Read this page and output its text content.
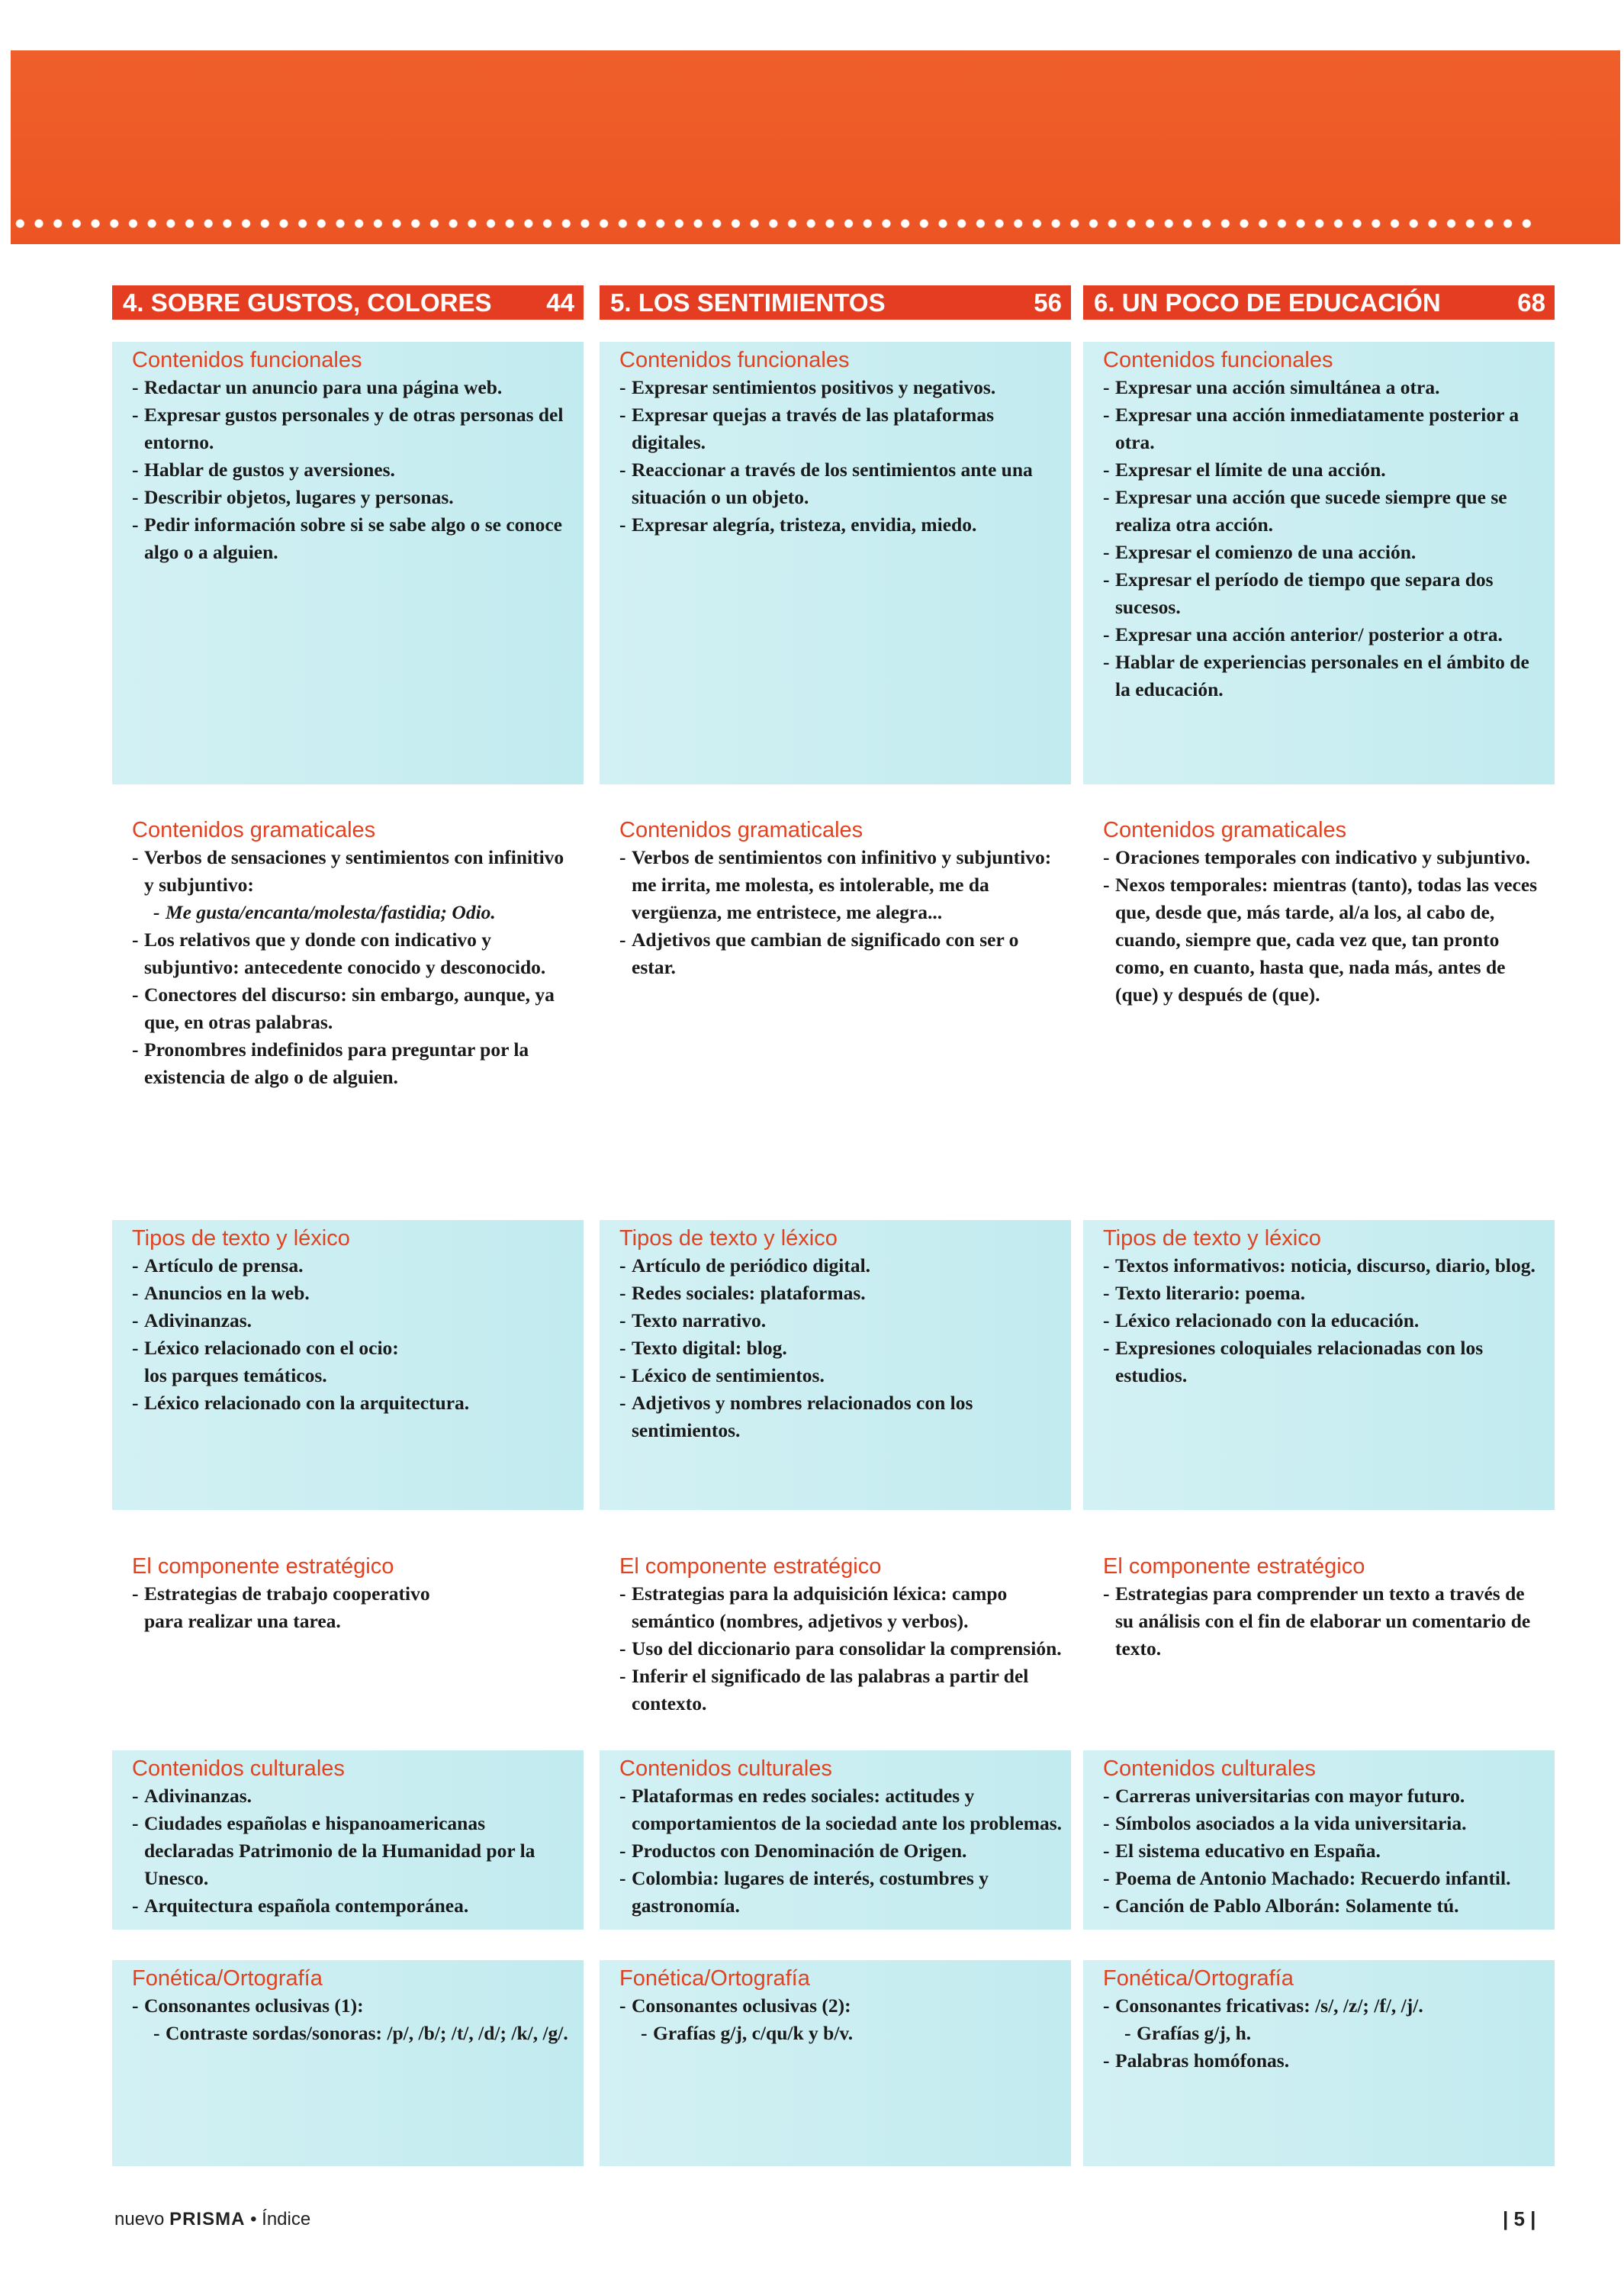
4. SOBRE GUSTOS, COLORES 44
Contenidos funcionales
- Redactar un anuncio para una página web.
- Expresar gustos personales y de otras personas del entorno.
- Hablar de gustos y aversiones.
- Describir objetos, lugares y personas.
- Pedir información sobre si se sabe algo o se conoce algo o a alguien.
Contenidos gramaticales
- Verbos de sensaciones y sentimientos con infinitivo y subjuntivo:
- Me gusta/encanta/molesta/fastidia; Odio.
- Los relativos que y donde con indicativo y subjuntivo: antecedente conocido y desconocido.
- Conectores del discurso: sin embargo, aunque, ya que, en otras palabras.
- Pronombres indefinidos para preguntar por la existencia de algo o de alguien.
Tipos de texto y léxico
- Artículo de prensa.
- Anuncios en la web.
- Adivinanzas.
- Léxico relacionado con el ocio:
los parques temáticos.
- Léxico relacionado con la arquitectura.
El componente estratégico
- Estrategias de trabajo cooperativo
para realizar una tarea.
Contenidos culturales
- Adivinanzas.
- Ciudades españolas e hispanoamericanas declaradas Patrimonio de la Humanidad por la Unesco.
- Arquitectura española contemporánea.
Fonética/Ortografía
- Consonantes oclusivas (1):
- Contraste sordas/sonoras: /p/, /b/; /t/, /d/; /k/, /g/.
5. LOS SENTIMIENTOS	56
Contenidos funcionales
- Expresar sentimientos positivos y negativos.
- Expresar quejas a través de las plataformas digitales.
- Reaccionar a través de los sentimientos ante una situación o un objeto.
- Expresar alegría, tristeza, envidia, miedo.
Contenidos gramaticales
- Verbos de sentimientos con infinitivo y subjuntivo: me irrita, me molesta, es intolerable, me da vergüenza, me entristece, me alegra...
- Adjetivos que cambian de significado con ser o estar.
Tipos de texto y léxico
- Artículo de periódico digital.
- Redes sociales: plataformas.
- Texto narrativo.
- Texto digital: blog.
- Léxico de sentimientos.
- Adjetivos y nombres relacionados con los sentimientos.
El componente estratégico
- Estrategias para la adquisición léxica: campo semántico (nombres, adjetivos y verbos).
- Uso del diccionario para consolidar la comprensión.
- Inferir el significado de las palabras a partir del contexto.
Contenidos culturales
- Plataformas en redes sociales: actitudes y comportamientos de la sociedad ante los problemas.
- Productos con Denominación de Origen.
- Colombia: lugares de interés, costumbres y gastronomía.
Fonética/Ortografía
- Consonantes oclusivas (2):
- Grafías g/j, c/qu/k y b/v.
6. UN POCO DE EDUCACIÓN	68
Contenidos funcionales
- Expresar una acción simultánea a otra.
- Expresar una acción inmediatamente posterior a otra.
- Expresar el límite de una acción.
- Expresar una acción que sucede siempre que se realiza otra acción.
- Expresar el comienzo de una acción.
- Expresar el período de tiempo que separa dos sucesos.
- Expresar una acción anterior/ posterior a otra.
- Hablar de experiencias personales en el ámbito de la educación.
Contenidos gramaticales
- Oraciones temporales con indicativo y subjuntivo.
- Nexos temporales: mientras (tanto), todas las veces que, desde que, más tarde, al/a los, al cabo de, cuando, siempre que, cada vez que, tan pronto como, en cuanto, hasta que, nada más, antes de (que) y después de (que).
Tipos de texto y léxico
- Textos informativos: noticia, discurso, diario, blog.
- Texto literario: poema.
- Léxico relacionado con la educación.
- Expresiones coloquiales relacionadas con los estudios.
El componente estratégico
- Estrategias para comprender un texto a través de su análisis con el fin de elaborar un comentario de texto.
Contenidos culturales
- Carreras universitarias con mayor futuro.
- Símbolos asociados a la vida universitaria.
- El sistema educativo en España.
- Poema de Antonio Machado: Recuerdo infantil.
- Canción de Pablo Alborán: Solamente tú.
Fonética/Ortografía
- Consonantes fricativas: /s/, /z/; /f/, /j/.
- Grafías g/j, h.
- Palabras homófonas.
nuevo PRISMA • Índice	| 5 |
